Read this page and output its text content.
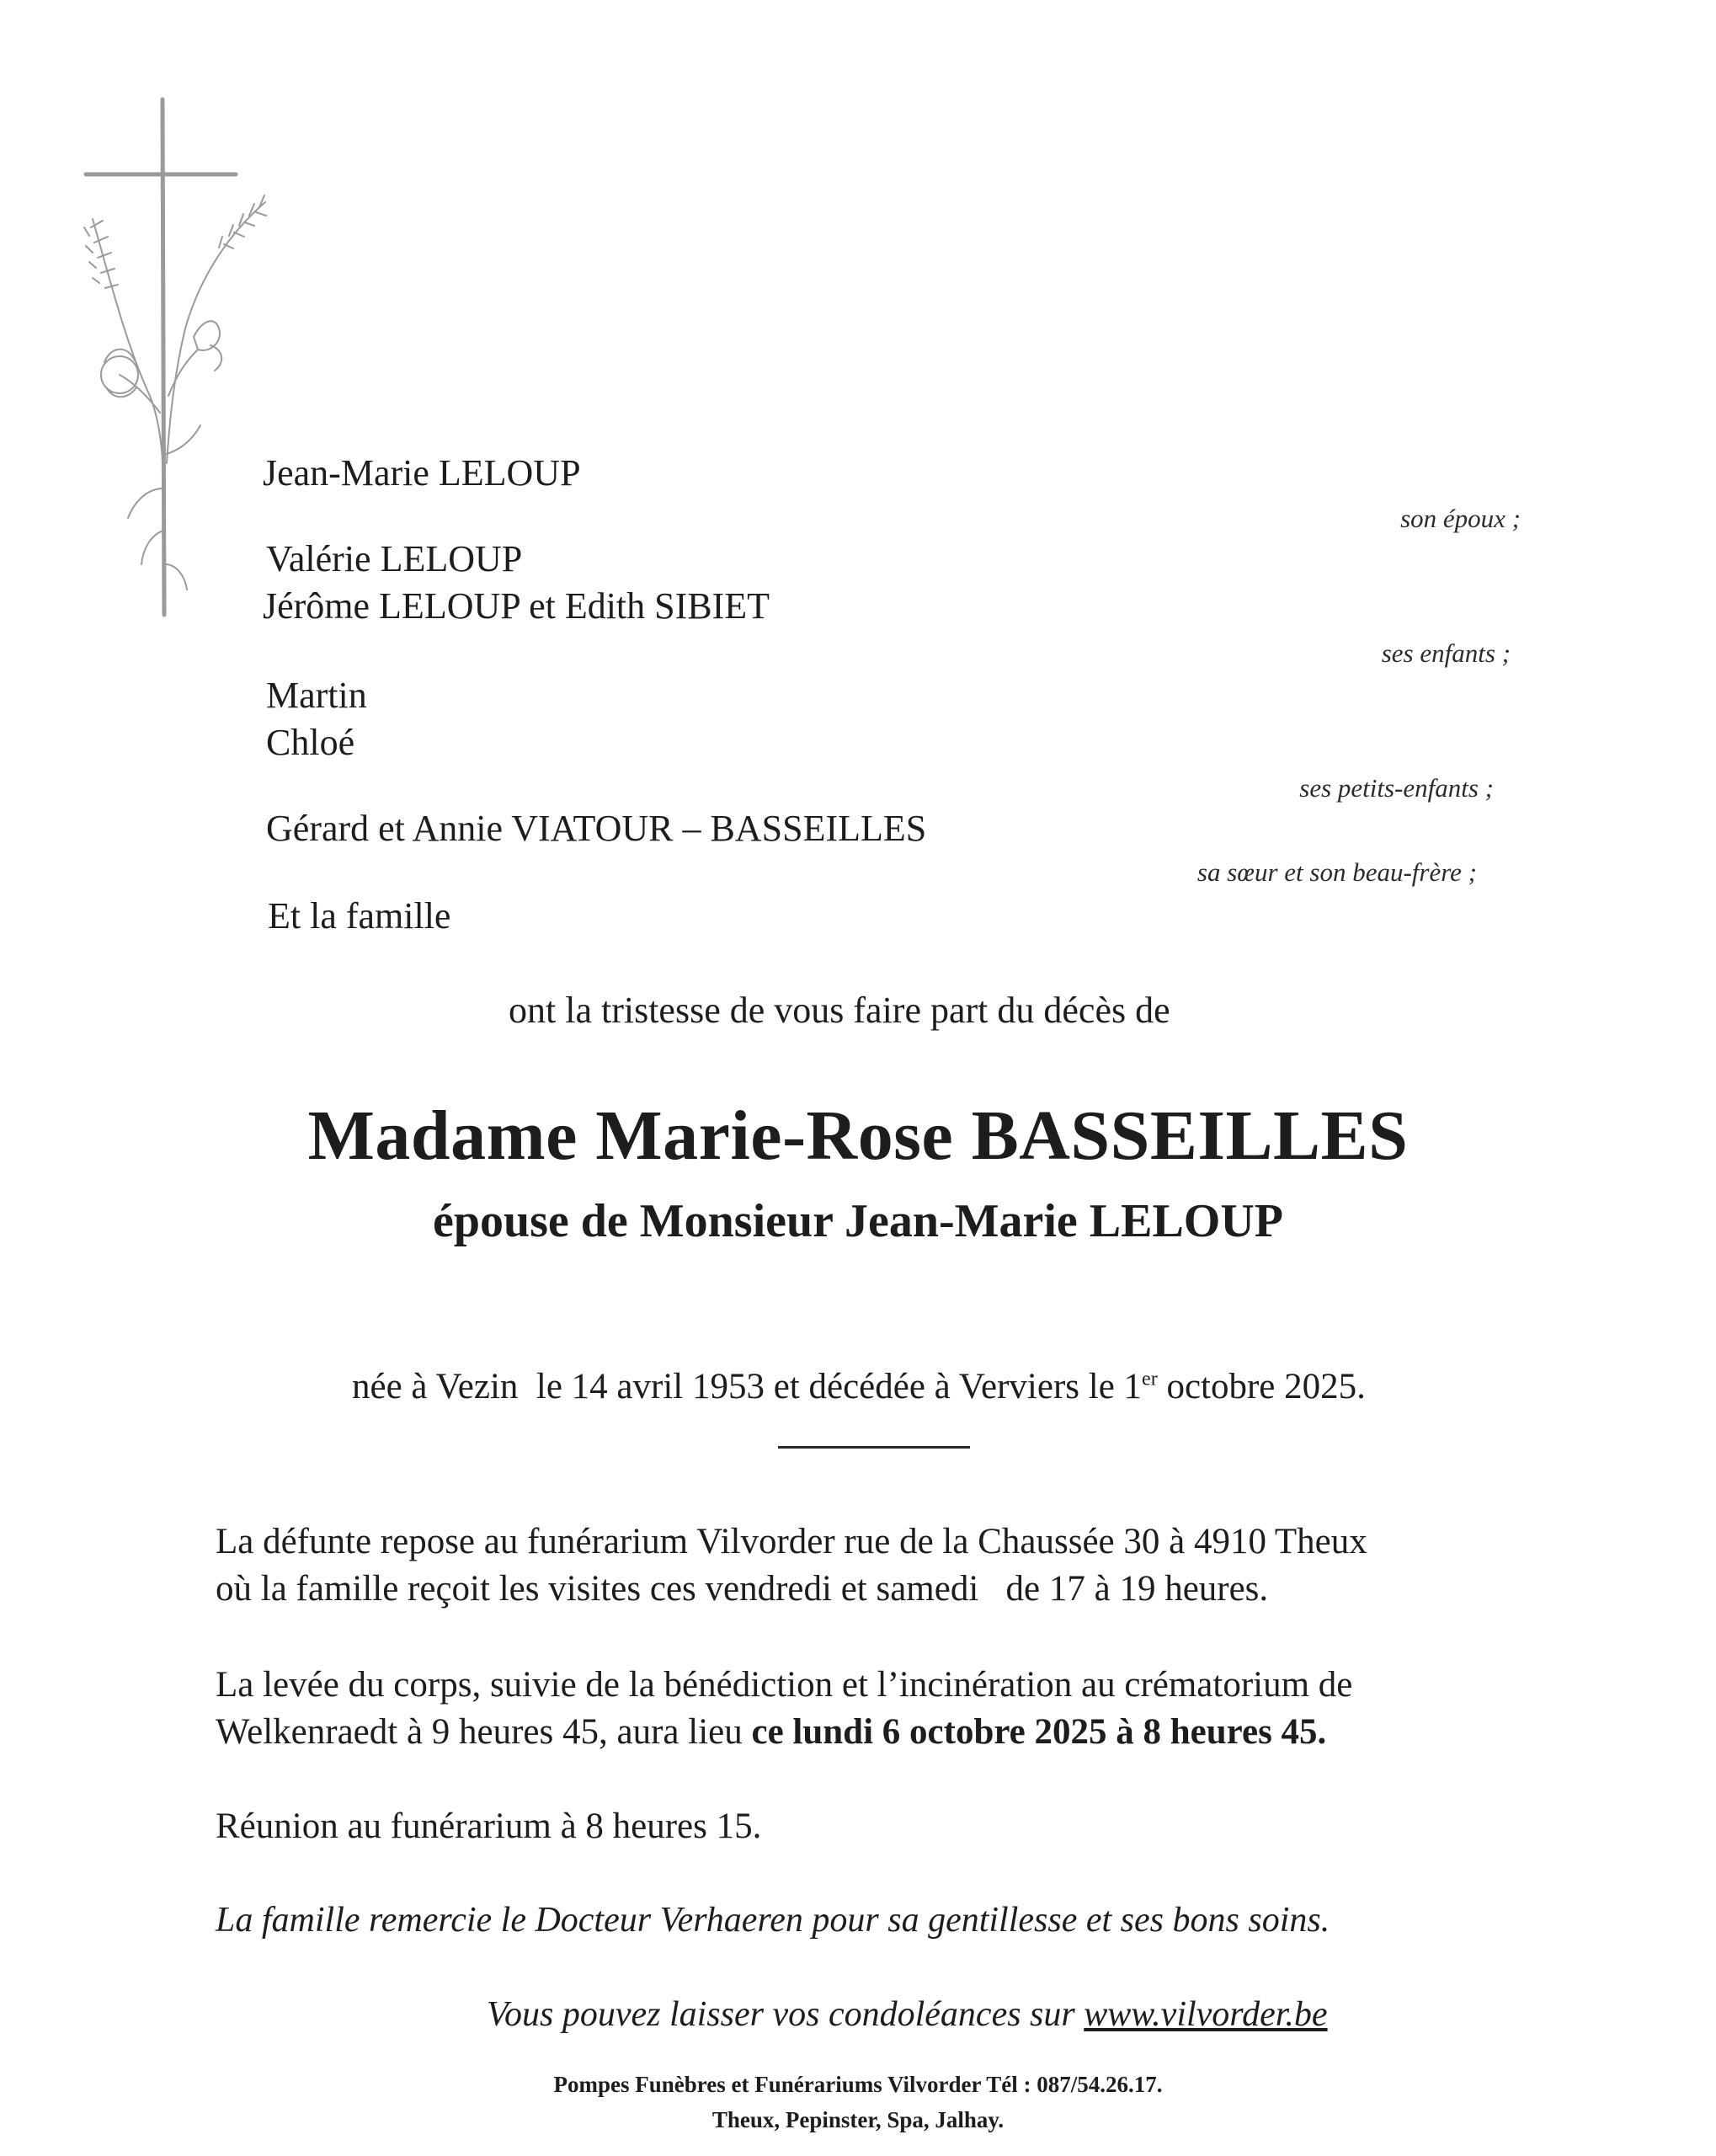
Jean-Marie LELOUP
son époux ;
Valérie LELOUP
Jérôme LELOUP et Edith SIBIET
ses enfants ;
Martin
Chloé
ses petits-enfants ;
Gérard et Annie VIATOUR – BASSEILLES
sa sœur et son beau-frère ;
Et la famille
ont la tristesse de vous faire part du décès de
Madame Marie-Rose BASSEILLES
épouse de Monsieur Jean-Marie LELOUP
née à Vezin  le 14 avril 1953 et décédée à Verviers le 1er octobre 2025.
La défunte repose au funérarium Vilvorder rue de la Chaussée 30 à 4910 Theux
où la famille reçoit les visites ces vendredi et samedi   de 17 à 19 heures.
La levée du corps, suivie de la bénédiction et l’incinération au crématorium de
Welkenraedt à 9 heures 45, aura lieu ce lundi 6 octobre 2025 à 8 heures 45.
Réunion au funérarium à 8 heures 15.
La famille remercie le Docteur Verhaeren pour sa gentillesse et ses bons soins.
Vous pouvez laisser vos condoléances sur www.vilvorder.be
Pompes Funèbres et Funérariums Vilvorder Tél : 087/54.26.17.
Theux, Pepinster, Spa, Jalhay.
